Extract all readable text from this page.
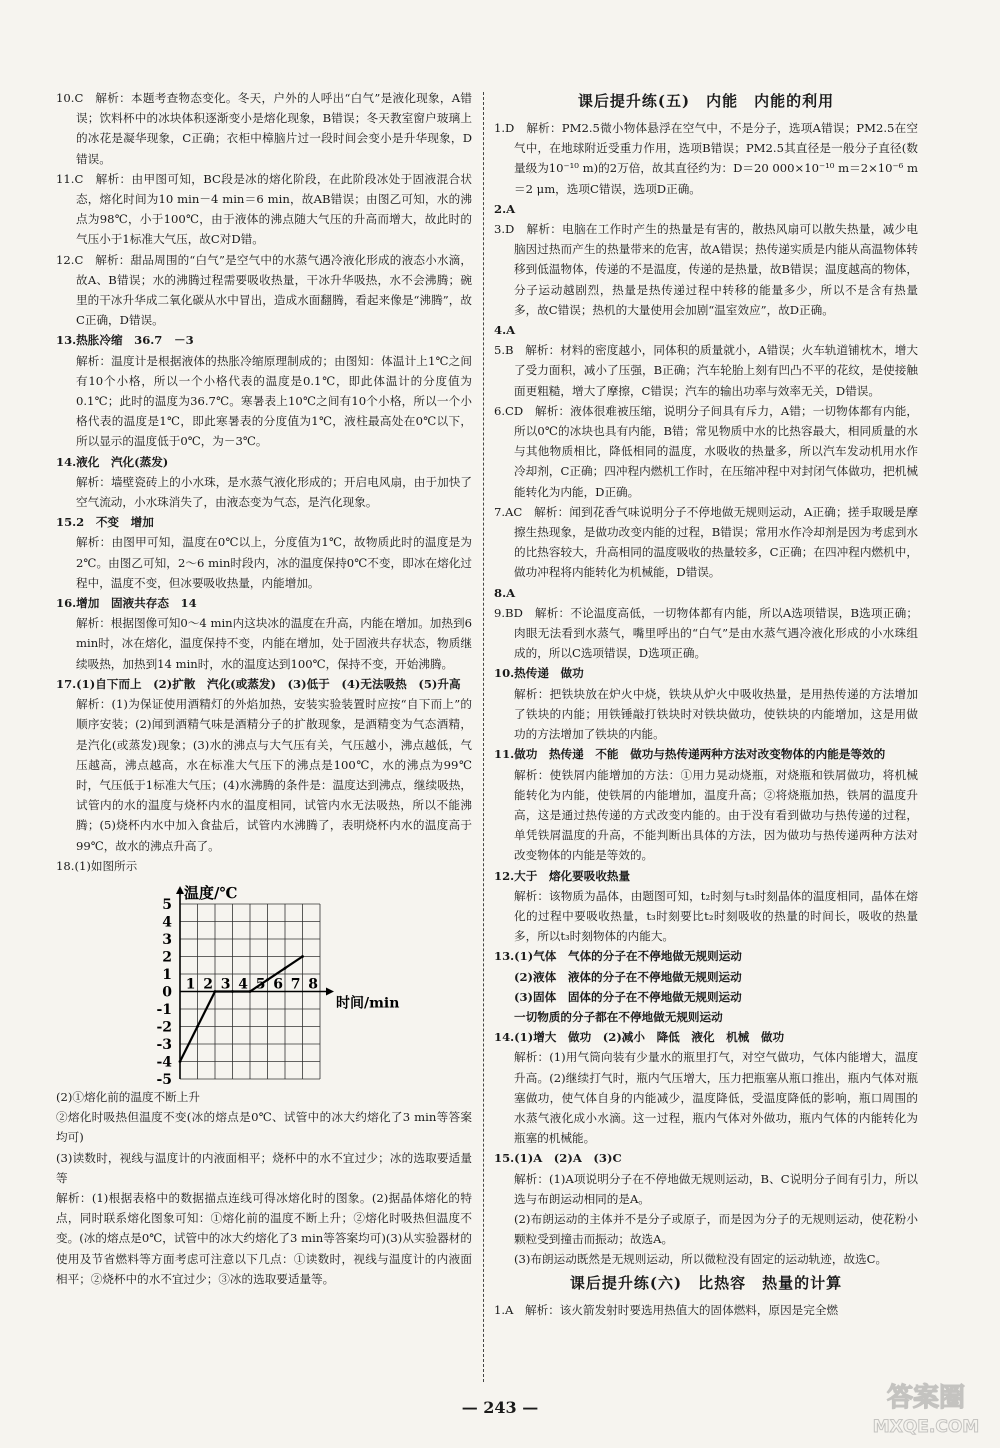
10.C　解析：本题考查物态变化。冬天，户外的人呼出“白气”是液化现象，A错误；饮料杯中的冰块体积逐渐变小是熔化现象，B错误；冬天教室窗户玻璃上的冰花是凝华现象，C正确；衣柜中樟脑片过一段时间会变小是升华现象，D错误。

11.C　解析：由甲图可知，BC段是冰的熔化阶段，在此阶段冰处于固液混合状态，熔化时间为10 min－4 min＝6 min，故AB错误；由图乙可知，水的沸点为98℃，小于100℃，由于液体的沸点随大气压的升高而增大，故此时的气压小于1标准大气压，故C对D错。

12.C　解析：甜品周围的“白气”是空气中的水蒸气遇冷液化形成的液态小水滴，故A、B错误；水的沸腾过程需要吸收热量，干冰升华吸热，水不会沸腾；碗里的干冰升华成二氧化碳从水中冒出，造成水面翻腾，看起来像是“沸腾”，故C正确，D错误。

13.热胀冷缩　36.7　－3

解析：温度计是根据液体的热胀冷缩原理制成的；由图知：体温计上1℃之间有10个小格，所以一个小格代表的温度是0.1℃，即此体温计的分度值为0.1℃；此时的温度为36.7℃。寒暑表上10℃之间有10个小格，所以一个小格代表的温度是1℃，即此寒暑表的分度值为1℃，液柱最高处在0℃以下，所以显示的温度低于0℃，为－3℃。

14.液化　汽化(蒸发)

解析：墙壁瓷砖上的小水珠，是水蒸气液化形成的；开启电风扇，由于加快了空气流动，小水珠消失了，由液态变为气态，是汽化现象。

15.2　不变　增加

解析：由图甲可知，温度在0℃以上，分度值为1℃，故物质此时的温度是为2℃。由图乙可知，2～6 min时段内，冰的温度保持0℃不变，即冰在熔化过程中，温度不变，但冰要吸收热量，内能增加。

16.增加　固液共存态　14

解析：根据图像可知0～4 min内这块冰的温度在升高，内能在增加。加热到6 min时，冰在熔化，温度保持不变，内能在增加，处于固液共存状态，物质继续吸热，加热到14 min时，水的温度达到100℃，保持不变，开始沸腾。

17.(1)自下而上　(2)扩散　汽化(或蒸发)　(3)低于　(4)无法吸热　(5)升高

解析：(1)为保证使用酒精灯的外焰加热，安装实验装置时应按“自下而上”的顺序安装；(2)闻到酒精气味是酒精分子的扩散现象，是酒精变为气态酒精，是汽化(或蒸发)现象；(3)水的沸点与大气压有关，气压越小，沸点越低，气压越高，沸点越高，水在标准大气压下的沸点是100℃，水的沸点为99℃时，气压低于1标准大气压；(4)水沸腾的条件是：温度达到沸点，继续吸热，试管内的水的温度与烧杯内水的温度相同，试管内水无法吸热，所以不能沸腾；(5)烧杯内水中加入食盐后，试管内水沸腾了，表明烧杯内水的温度高于99℃，故水的沸点升高了。

18.(1)如图所示

5
4
3
2
1
0
-1
-2
-3
-4
-5
1 2 3 4 5 6 7 8
温度/℃
时间/min

(2)①熔化前的温度不断上升

②熔化时吸热但温度不变(冰的熔点是0℃、试管中的冰大约熔化了3 min等答案均可)

(3)读数时，视线与温度计的内液面相平；烧杯中的水不宜过少；冰的选取要适量等

解析：(1)根据表格中的数据描点连线可得冰熔化时的图象。(2)据晶体熔化的特点，同时联系熔化图象可知：①熔化前的温度不断上升；②熔化时吸热但温度不变。(冰的熔点是0℃，试管中的冰大约熔化了3 min等答案均可)(3)从实验器材的使用及节省燃料等方面考虑可注意以下几点：①读数时，视线与温度计的内液面相平；②烧杯中的水不宜过少；③冰的选取要适量等。

课后提升练(五)　内能　内能的利用

1.D　解析：PM2.5微小物体悬浮在空气中，不是分子，选项A错误；PM2.5在空气中，在地球附近受重力作用，选项B错误；PM2.5其直径是一般分子直径(数量级为10⁻¹⁰ m)的2万倍，故其直径约为：D＝20 000×10⁻¹⁰ m＝2×10⁻⁶ m＝2 μm，选项C错误，选项D正确。

2.A

3.D　解析：电脑在工作时产生的热量是有害的，散热风扇可以散失热量，减少电脑因过热而产生的热量带来的危害，故A错误；热传递实质是内能从高温物体转移到低温物体，传递的不是温度，传递的是热量，故B错误；温度越高的物体，分子运动越剧烈，热量是热传递过程中转移的能量多少，所以不是含有热量多，故C错误；热机的大量使用会加剧“温室效应”，故D正确。

4.A

5.B　解析：材料的密度越小，同体积的质量就小，A错误；火车轨道铺枕木，增大了受力面积，减小了压强，B正确；汽车轮胎上刻有凹凸不平的花纹，是使接触面更粗糙，增大了摩擦，C错误；汽车的输出功率与效率无关，D错误。

6.CD　解析：液体很难被压缩，说明分子间具有斥力，A错；一切物体都有内能，所以0℃的冰块也具有内能，B错；常见物质中水的比热容最大，相同质量的水与其他物质相比，降低相同的温度，水吸收的热量多，所以汽车发动机用水作冷却剂，C正确；四冲程内燃机工作时，在压缩冲程中对封闭气体做功，把机械能转化为内能，D正确。

7.AC　解析：闻到花香气味说明分子不停地做无规则运动，A正确；搓手取暖是摩擦生热现象，是做功改变内能的过程，B错误；常用水作冷却剂是因为考虑到水的比热容较大，升高相同的温度吸收的热量较多，C正确；在四冲程内燃机中，做功冲程将内能转化为机械能，D错误。

8.A

9.BD　解析：不论温度高低，一切物体都有内能，所以A选项错误，B选项正确；肉眼无法看到水蒸气，嘴里呼出的“白气”是由水蒸气遇冷液化形成的小水珠组成的，所以C选项错误，D选项正确。

10.热传递　做功

解析：把铁块放在炉火中烧，铁块从炉火中吸收热量，是用热传递的方法增加了铁块的内能；用铁锤敲打铁块时对铁块做功，使铁块的内能增加，这是用做功的方法增加了铁块的内能。

11.做功　热传递　不能　做功与热传递两种方法对改变物体的内能是等效的

解析：使铁屑内能增加的方法：①用力晃动烧瓶，对烧瓶和铁屑做功，将机械能转化为内能，使铁屑的内能增加，温度升高；②将烧瓶加热，铁屑的温度升高，这是通过热传递的方式改变内能的。由于没有看到做功与热传递的过程，单凭铁屑温度的升高，不能判断出具体的方法，因为做功与热传递两种方法对改变物体的内能是等效的。

12.大于　熔化要吸收热量

解析：该物质为晶体，由题图可知，t₂时刻与t₃时刻晶体的温度相同，晶体在熔化的过程中要吸收热量，t₃时刻要比t₂时刻吸收的热量的时间长，吸收的热量多，所以t₃时刻物体的内能大。

13.(1)气体　气体的分子在不停地做无规则运动

(2)液体　液体的分子在不停地做无规则运动

(3)固体　固体的分子在不停地做无规则运动

一切物质的分子都在不停地做无规则运动

14.(1)增大　做功　(2)减小　降低　液化　机械　做功

解析：(1)用气筒向装有少量水的瓶里打气，对空气做功，气体内能增大，温度升高。(2)继续打气时，瓶内气压增大，压力把瓶塞从瓶口推出，瓶内气体对瓶塞做功，使气体自身的内能减少，温度降低，受温度降低的影响，瓶口周围的水蒸气液化成小水滴。这一过程，瓶内气体对外做功，瓶内气体的内能转化为瓶塞的机械能。

15.(1)A　(2)A　(3)C

解析：(1)A项说明分子在不停地做无规则运动，B、C说明分子间有引力，所以选与布朗运动相同的是A。

(2)布朗运动的主体并不是分子或原子，而是因为分子的无规则运动，使花粉小颗粒受到撞击而振动；故选A。

(3)布朗运动既然是无规则运动，所以微粒没有固定的运动轨迹，故选C。

课后提升练(六)　比热容　热量的计算

1.A　解析：该火箭发射时要选用热值大的固体燃料，原因是完全燃

— 243 —	答案圈
MXQE.COM
